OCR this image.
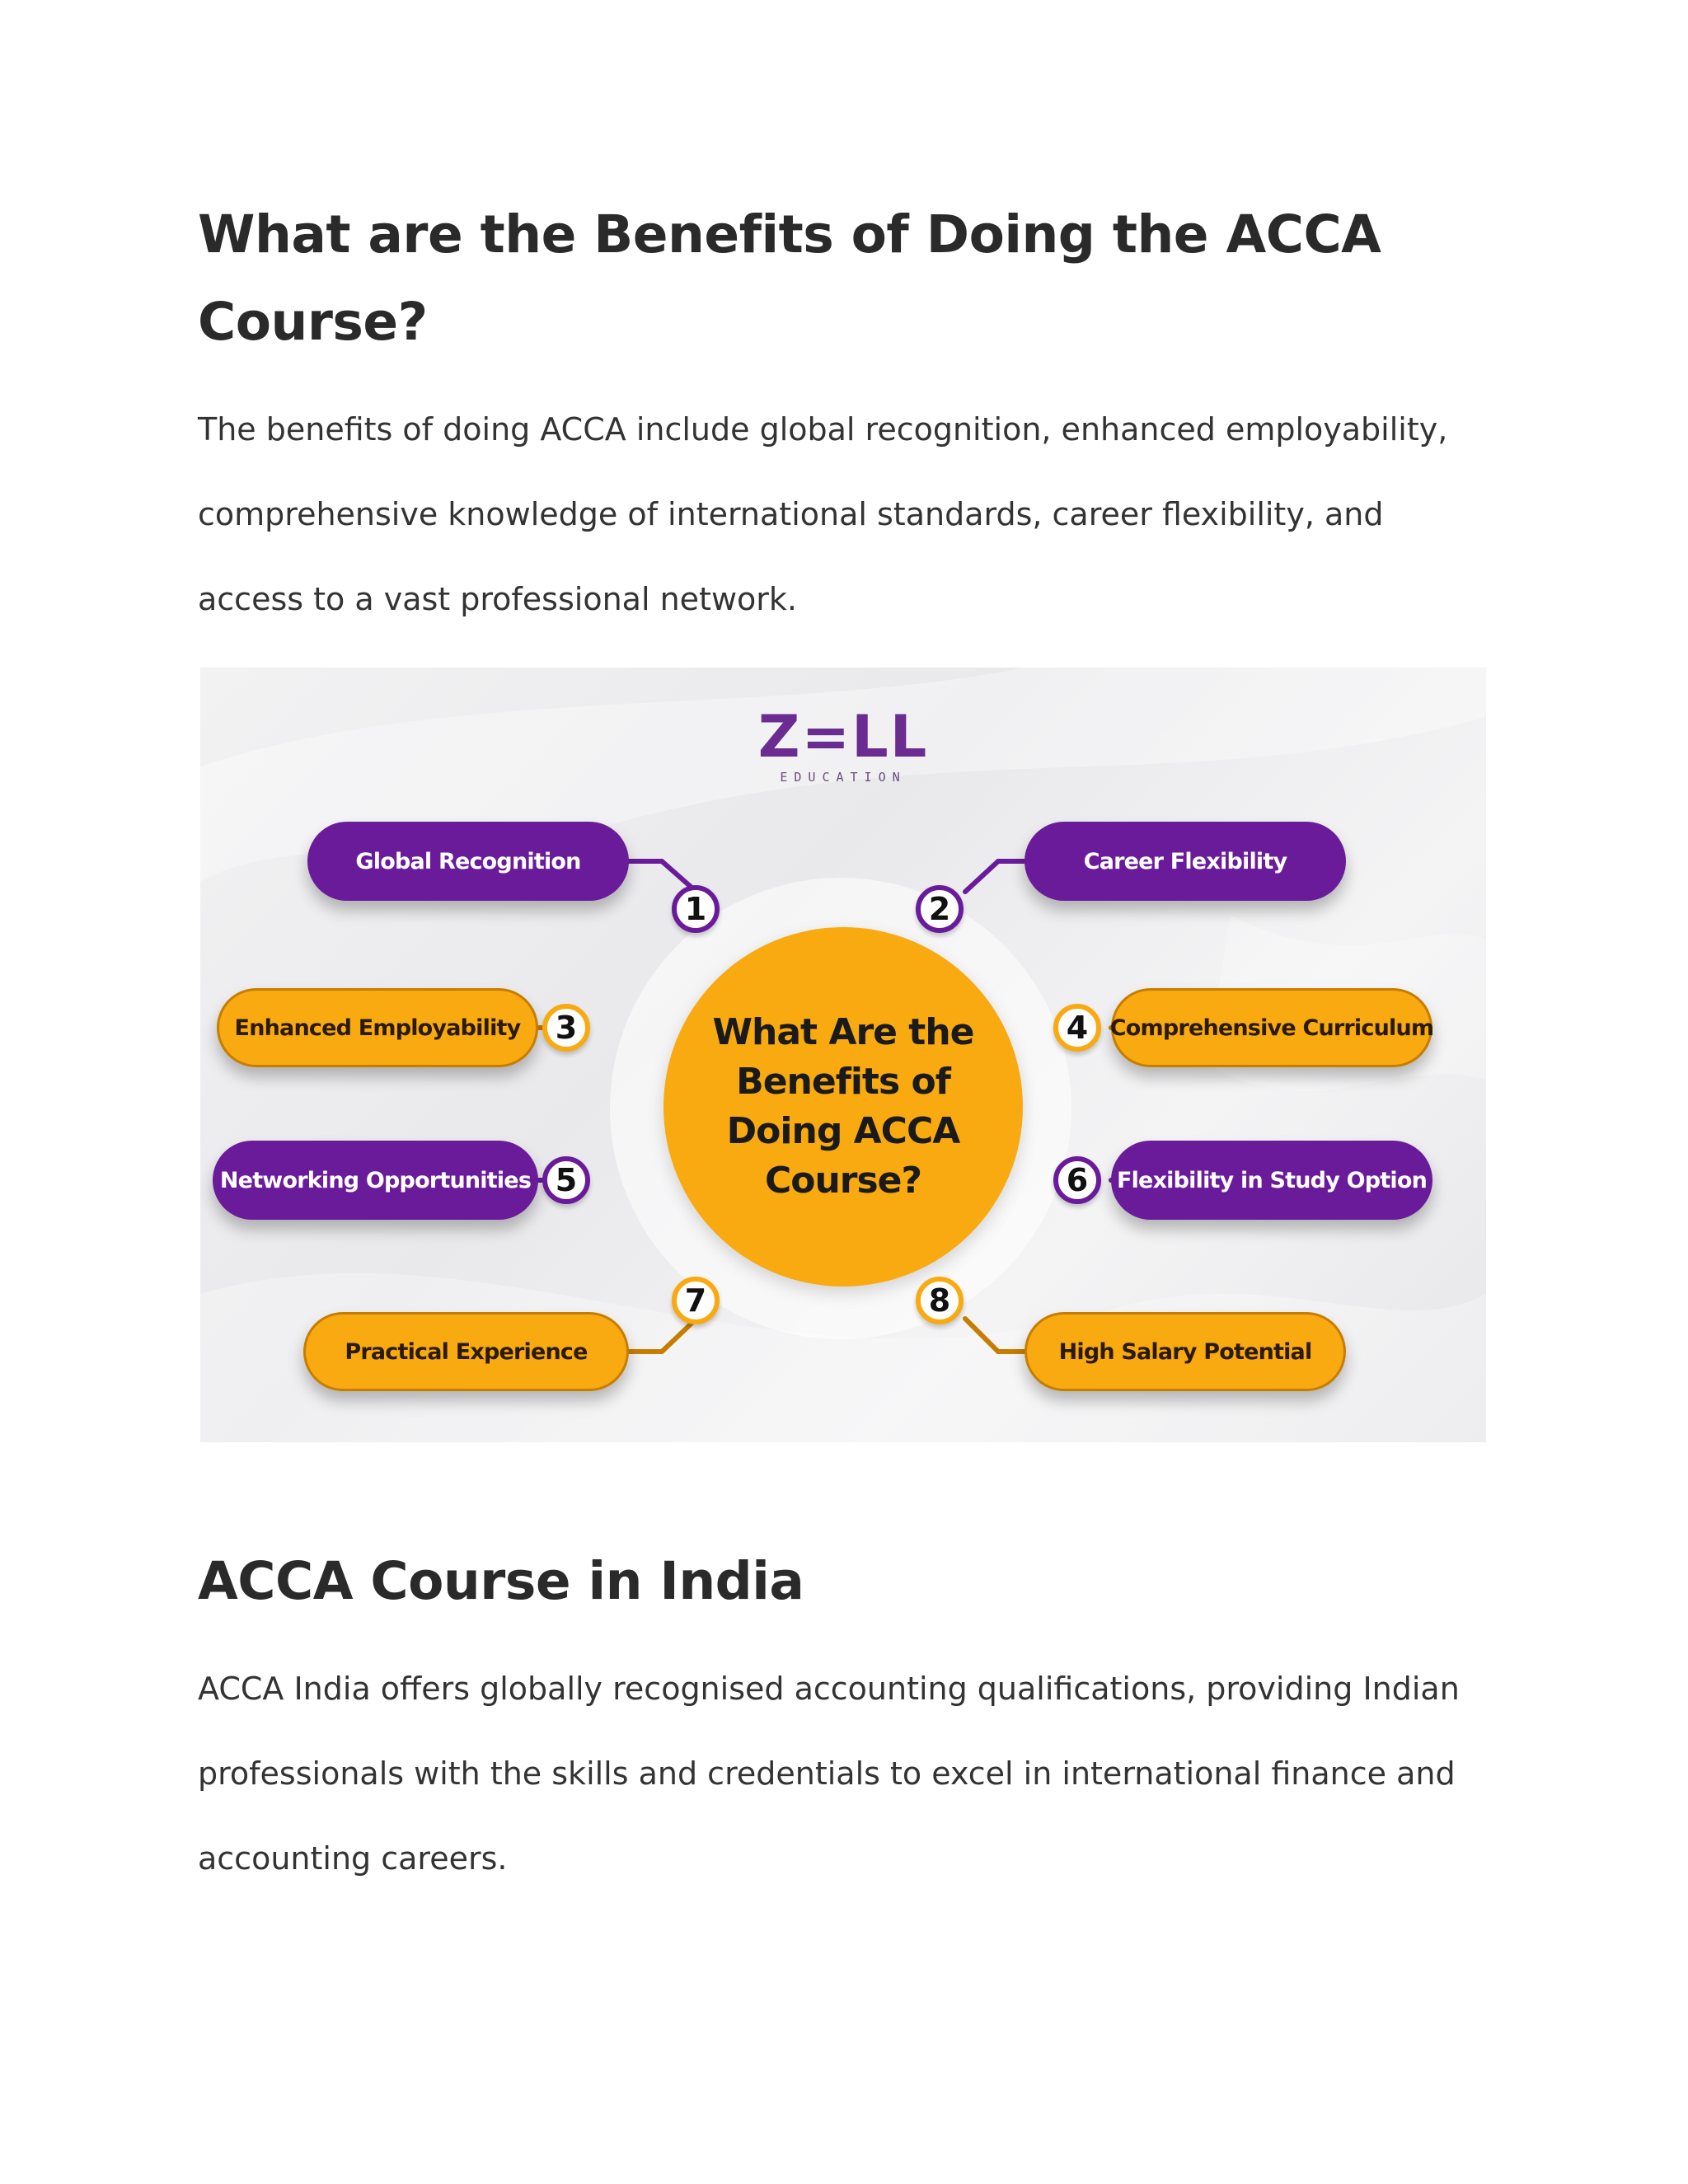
What are the Benefits of Doing the ACCA Course?

The benefits of doing ACCA include global recognition, enhanced employability, comprehensive knowledge of international standards, career flexibility, and access to a vast professional network.

Z=LL
EDUCATION
What Are the Benefits of Doing ACCA Course?
Global Recognition	Career Flexibility
Enhanced Employability	Comprehensive Curriculum
Networking Opportunities	Flexibility in Study Option
Practical Experience	High Salary Potential
1	2
3	4
5	6
7	8
ACCA Course in India

ACCA India offers globally recognised accounting qualifications, providing Indian professionals with the skills and credentials to excel in international finance and accounting careers.
